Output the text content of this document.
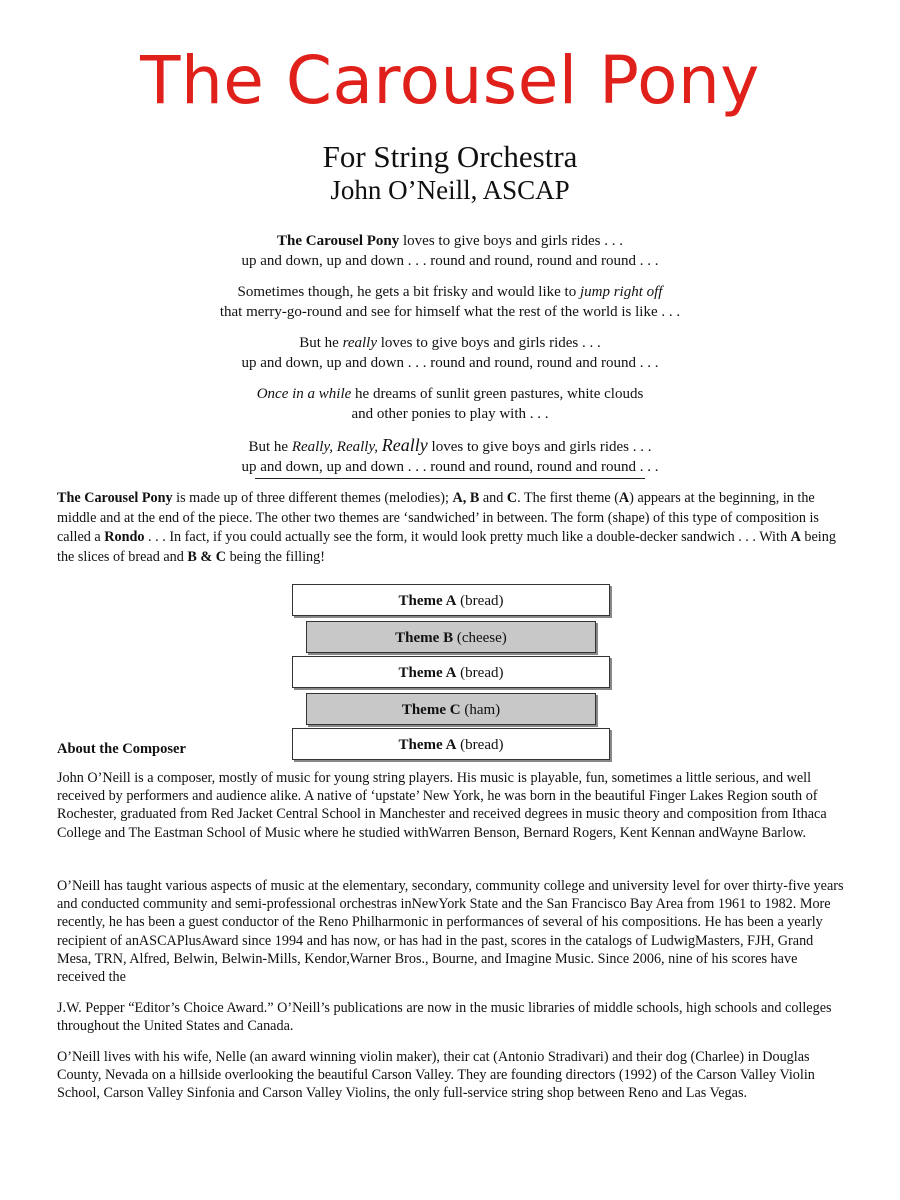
The Carousel Pony
For String Orchestra
John O’Neill, ASCAP
The Carousel Pony loves to give boys and girls rides . . .
up and down, up and down . . . round and round, round and round . . .
Sometimes though, he gets a bit frisky and would like to jump right off
that merry-go-round and see for himself what the rest of the world is like . . .
But he really loves to give boys and girls rides . . .
up and down, up and down . . . round and round, round and round . . .
Once in a while he dreams of sunlit green pastures, white clouds
and other ponies to play with . . .
But he Really, Really, Really loves to give boys and girls rides . . .
up and down, up and down . . . round and round, round and round . . .
The Carousel Pony is made up of three different themes (melodies); A, B and C. The first theme (A) appears at the beginning, in the middle and at the end of the piece. The other two themes are ‘sandwiched’ in between. The form (shape) of this type of composition is called a Rondo . . . In fact, if you could actually see the form, it would look pretty much like a double-decker sandwich . . . With A being the slices of bread and B & C being the filling!
Theme A (bread)
Theme B (cheese)
Theme A (bread)
Theme C (ham)
Theme A (bread)
About the Composer
John O’Neill is a composer, mostly of music for young string players. His music is playable, fun, sometimes a little serious, and well received by performers and audience alike. A native of ‘upstate’ New York, he was born in the beautiful Finger Lakes Region south of Rochester, graduated from Red Jacket Central School in Manchester and received degrees in music theory and composition from Ithaca College and The Eastman School of Music where he studied withWarren Benson, Bernard Rogers, Kent Kennan andWayne Barlow.
O’Neill has taught various aspects of music at the elementary, secondary, community college and university level for over thirty-five years and conducted community and semi-professional orchestras inNewYork State and the San Francisco Bay Area from 1961 to 1982. More recently, he has been a guest conductor of the Reno Philharmonic in performances of several of his compositions. He has been a yearly recipient of anASCAPlusAward since 1994 and has now, or has had in the past, scores in the catalogs of LudwigMasters, FJH, Grand Mesa, TRN, Alfred, Belwin, Belwin-Mills, Kendor,Warner Bros., Bourne, and Imagine Music. Since 2006, nine of his scores have received the
J.W. Pepper “Editor’s Choice Award.” O’Neill’s publications are now in the music libraries of middle schools, high schools and colleges throughout the United States and Canada.
O’Neill lives with his wife, Nelle (an award winning violin maker), their cat (Antonio Stradivari) and their dog (Charlee) in Douglas County, Nevada on a hillside overlooking the beautiful Carson Valley. They are founding directors (1992) of the Carson Valley Violin School, Carson Valley Sinfonia and Carson Valley Violins, the only full-service string shop between Reno and Las Vegas.
